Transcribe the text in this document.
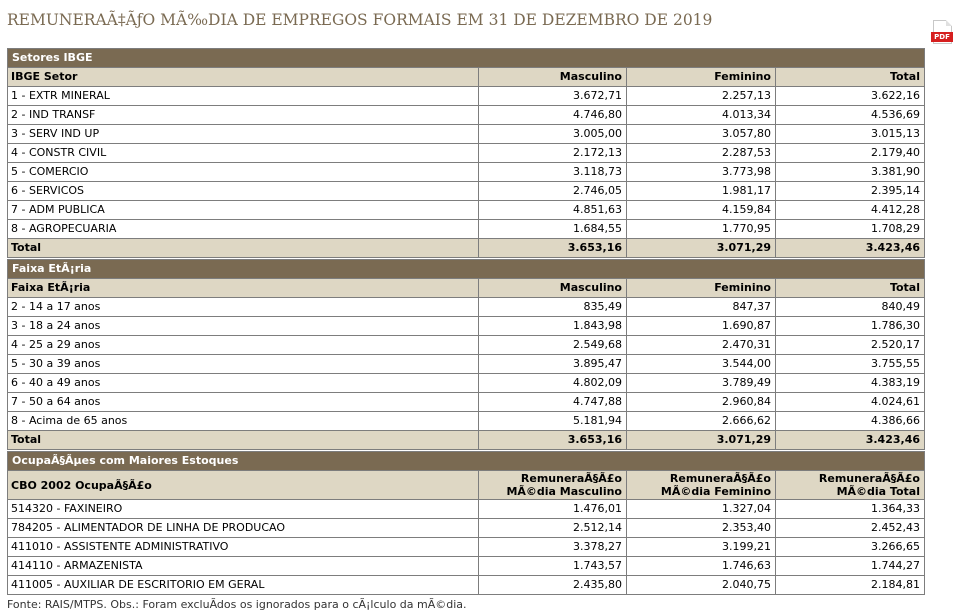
REMUNERAÃ‡ÃƒO MÃ‰DIA DE EMPREGOS FORMAIS EM 31 DE DEZEMBRO DE 2019
PDF
Setores IBGE			
IBGE Setor	Masculino	Feminino	Total
1 - EXTR MINERAL	3.672,71	2.257,13	3.622,16
2 - IND TRANSF	4.746,80	4.013,34	4.536,69
3 - SERV IND UP	3.005,00	3.057,80	3.015,13
4 - CONSTR CIVIL	2.172,13	2.287,53	2.179,40
5 - COMERCIO	3.118,73	3.773,98	3.381,90
6 - SERVICOS	2.746,05	1.981,17	2.395,14
7 - ADM PUBLICA	4.851,63	4.159,84	4.412,28
8 - AGROPECUARIA	1.684,55	1.770,95	1.708,29
Total	3.653,16	3.071,29	3.423,46
Faixa EtÃ¡ria			
Faixa EtÃ¡ria	Masculino	Feminino	Total
2 - 14 a 17 anos	835,49	847,37	840,49
3 - 18 a 24 anos	1.843,98	1.690,87	1.786,30
4 - 25 a 29 anos	2.549,68	2.470,31	2.520,17
5 - 30 a 39 anos	3.895,47	3.544,00	3.755,55
6 - 40 a 49 anos	4.802,09	3.789,49	4.383,19
7 - 50 a 64 anos	4.747,88	2.960,84	4.024,61
8 - Acima de 65 anos	5.181,94	2.666,62	4.386,66
Total	3.653,16	3.071,29	3.423,46
OcupaÃ§Ãµes com Maiores Estoques			
CBO 2002 OcupaÃ§Ã£o	RemuneraÃ§Ã£o MÃ©dia Masculino	RemuneraÃ§Ã£o MÃ©dia Feminino	RemuneraÃ§Ã£o MÃ©dia Total
514320 - FAXINEIRO	1.476,01	1.327,04	1.364,33
784205 - ALIMENTADOR DE LINHA DE PRODUCAO	2.512,14	2.353,40	2.452,43
411010 - ASSISTENTE ADMINISTRATIVO	3.378,27	3.199,21	3.266,65
414110 - ARMAZENISTA	1.743,57	1.746,63	1.744,27
411005 - AUXILIAR DE ESCRITORIO EM GERAL	2.435,80	2.040,75	2.184,81
Fonte: RAIS/MTPS. Obs.: Foram excluÃdos os ignorados para o cÃ¡lculo da mÃ©dia.
